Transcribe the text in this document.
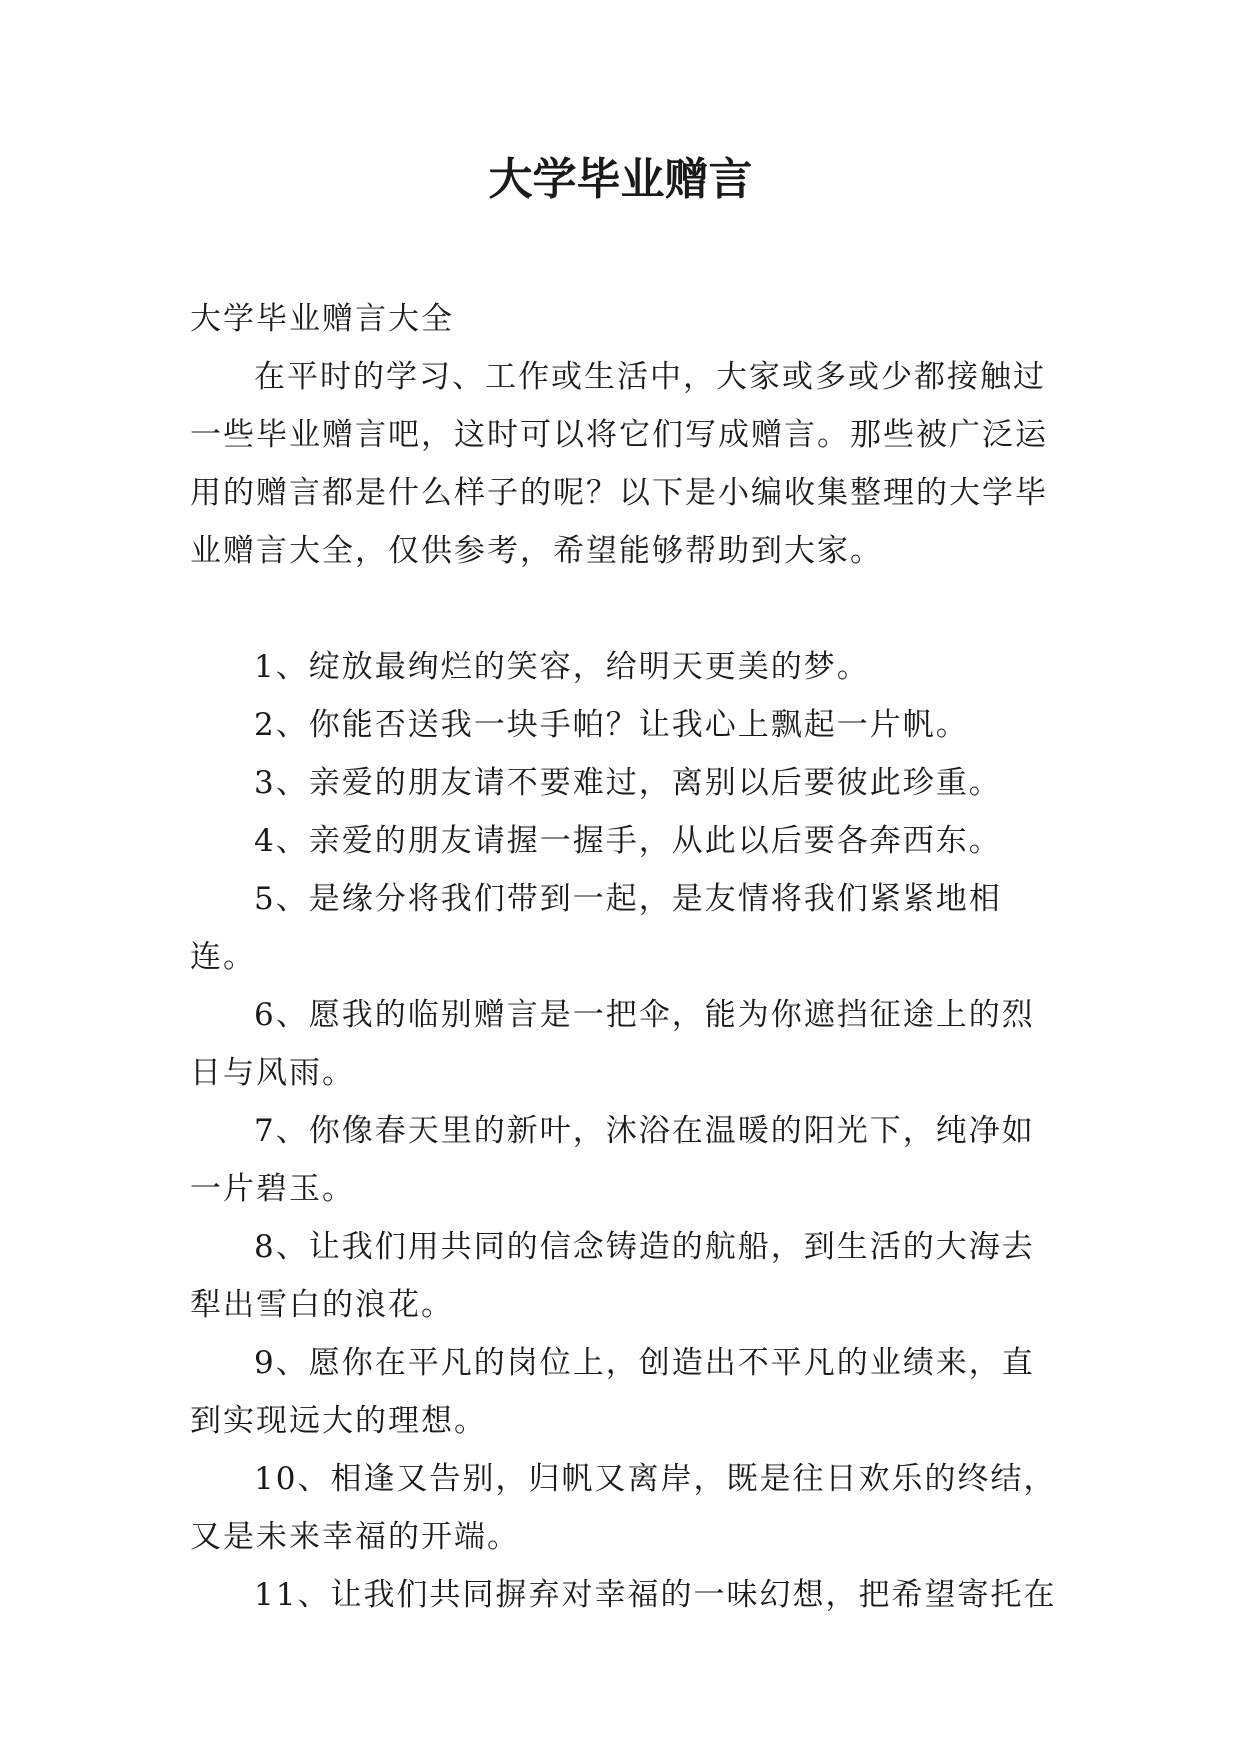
大学毕业赠言

大学毕业赠言大全

在平时的学习、工作或生活中，大家或多或少都接触过一些毕业赠言吧，这时可以将它们写成赠言。那些被广泛运用的赠言都是什么样子的呢？以下是小编收集整理的大学毕业赠言大全，仅供参考，希望能够帮助到大家。

1、绽放最绚烂的笑容，给明天更美的梦。

2、你能否送我一块手帕？让我心上飘起一片帆。

3、亲爱的朋友请不要难过，离别以后要彼此珍重。

4、亲爱的朋友请握一握手，从此以后要各奔西东。

5、是缘分将我们带到一起，是友情将我们紧紧地相连。

6、愿我的临别赠言是一把伞，能为你遮挡征途上的烈日与风雨。

7、你像春天里的新叶，沐浴在温暖的阳光下，纯净如一片碧玉。

8、让我们用共同的信念铸造的航船，到生活的大海去犁出雪白的浪花。

9、愿你在平凡的岗位上，创造出不平凡的业绩来，直到实现远大的理想。

10、相逢又告别，归帆又离岸，既是往日欢乐的终结，又是未来幸福的开端。

11、让我们共同摒弃对幸福的一味幻想，把希望寄托在
